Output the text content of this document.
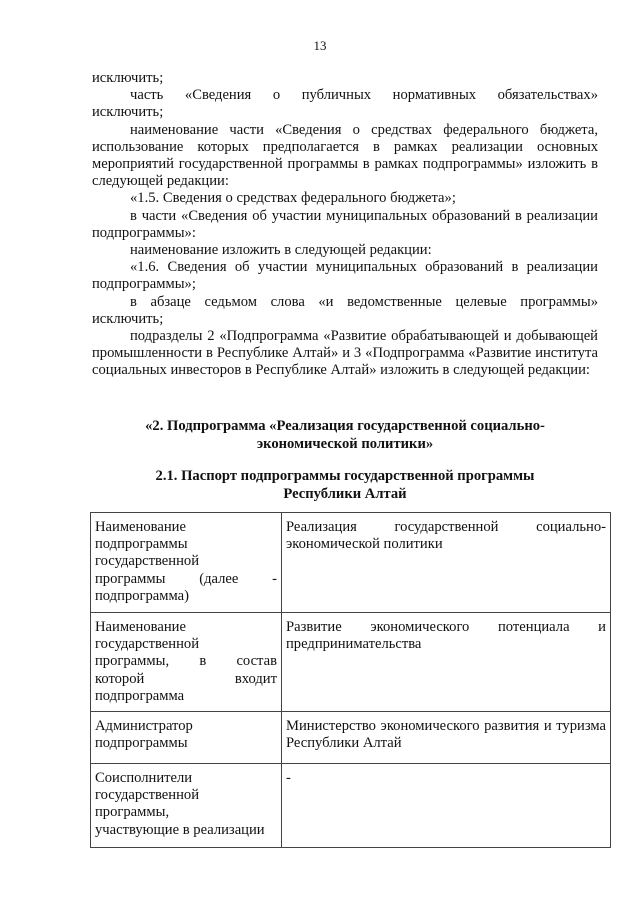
13

исключить;

часть «Сведения о публичных нормативных обязательствах»

исключить;

наименование части «Сведения о средствах федерального бюджета, использование которых предполагается в рамках реализации основных мероприятий государственной программы в рамках подпрограммы» изложить в следующей редакции:

«1.5. Сведения о средствах федерального бюджета»;

в части «Сведения об участии муниципальных образований в реализации подпрограммы»:

наименование изложить в следующей редакции:

«1.6. Сведения об участии муниципальных образований в реализации подпрограммы»;

в абзаце седьмом слова «и ведомственные целевые программы» исключить;

подразделы 2 «Подпрограмма «Развитие обрабатывающей и добывающей промышленности в Республике Алтай» и 3 «Подпрограмма «Развитие института социальных инвесторов в Республике Алтай» изложить в следующей редакции:

«2. Подпрограмма «Реализация государственной социально-
экономической политики»
2.1. Паспорт подпрограммы государственной программы
Республики Алтай
Наименование
подпрограммы
государственной
программы (далее -
подпрограмма)	Реализация государственной социально-экономической политики

Наименование
государственной
программы, в состав
которой входит
подпрограмма	Развитие экономического потенциала и предпринимательства

Администратор
подпрограммы	Министерство экономического развития и туризма Республики Алтай

Соисполнители
государственной
программы,
участвующие в реализации	-
